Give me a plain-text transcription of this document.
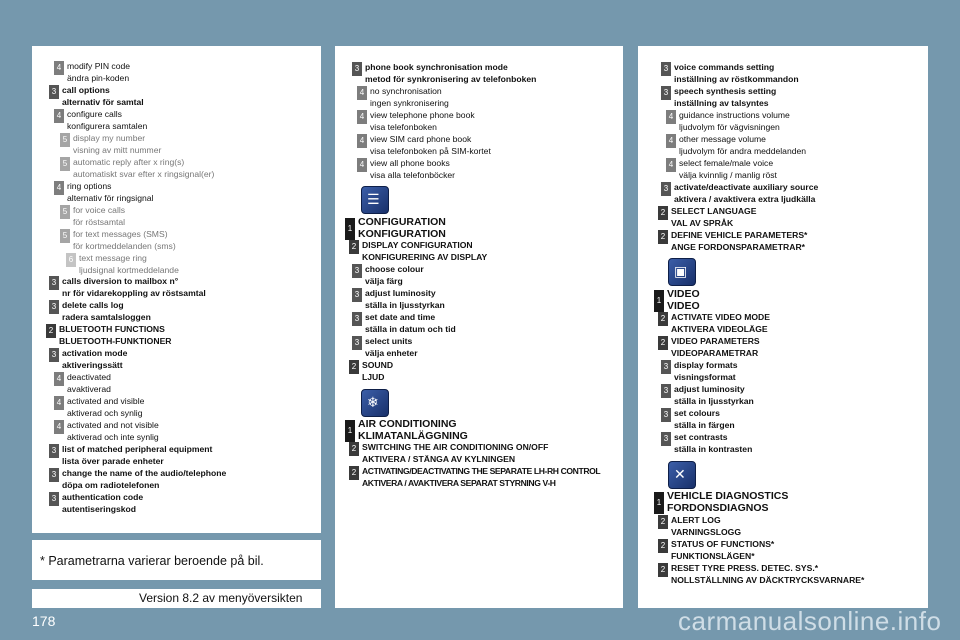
4 modify PIN code
ändra pin-koden
3 call options
alternativ för samtal
4 configure calls
konfigurera samtalen
5 display my number
visning av mitt nummer
5 automatic reply after x ring(s)
automatiskt svar efter x ringsignal(er)
4 ring options
alternativ för ringsignal
5 for voice calls
för röstsamtal
5 for text messages (SMS)
för kortmeddelanden (sms)
6 text message ring
ljudsignal kortmeddelande
3 calls diversion to mailbox n°
nr för vidarekoppling av röstsamtal
3 delete calls log
radera samtalsloggen
2 BLUETOOTH FUNCTIONS
BLUETOOTH-FUNKTIONER
3 activation mode
aktiveringssätt
4 deactivated
avaktiverad
4 activated and visible
aktiverad och synlig
4 activated and not visible
aktiverad och inte synlig
3 list of matched peripheral equipment
lista över parade enheter
3 change the name of the audio/telephone
döpa om radiotelefonen
3 authentication code
autentiseringskod
3 phone book synchronisation mode
metod för synkronisering av telefonboken
4 no synchronisation
ingen synkronisering
4 view telephone phone book
visa telefonboken
4 view SIM card phone book
visa telefonboken på SIM-kortet
4 view all phone books
visa alla telefonböcker
1
CONFIGURATION
KONFIGURATION
2 DISPLAY CONFIGURATION
KONFIGURERING AV DISPLAY
3 choose colour
välja färg
3 adjust luminosity
ställa in ljusstyrkan
3 set date and time
ställa in datum och tid
3 select units
välja enheter
2 SOUND
LJUD
1
AIR CONDITIONING
KLIMATANLÄGGNING
2 SWITCHING THE AIR CONDITIONING ON/OFF
AKTIVERA / STÄNGA AV KYLNINGEN
2 ACTIVATING/DEACTIVATING THE SEPARATE LH-RH CONTROL
AKTIVERA / AVAKTIVERA SEPARAT STYRNING V-H
3 voice commands setting
inställning av röstkommandon
3 speech synthesis setting
inställning av talsyntes
4 guidance instructions volume
ljudvolym för vägvisningen
4 other message volume
ljudvolym för andra meddelanden
4 select female/male voice
välja kvinnlig / manlig röst
3 activate/deactivate auxiliary source
aktivera / avaktivera extra ljudkälla
2 SELECT LANGUAGE
VAL AV SPRÅK
2 DEFINE VEHICLE PARAMETERS*
ANGE FORDONSPARAMETRAR*
1
VIDEO
VIDEO
2 ACTIVATE VIDEO MODE
AKTIVERA VIDEOLÄGE
2 VIDEO PARAMETERS
VIDEOPARAMETRAR
3 display formats
visningsformat
3 adjust luminosity
ställa in ljusstyrkan
3 set colours
ställa in färgen
3 set contrasts
ställa in kontrasten
1
VEHICLE DIAGNOSTICS
FORDONSDIAGNOS
2 ALERT LOG
VARNINGSLOGG
2 STATUS OF FUNCTIONS*
FUNKTIONSLÄGEN*
2 RESET TYRE PRESS. DETEC. SYS.*
NOLLSTÄLLNING AV DÄCKTRYCKSVARNARE*
☰
❄
▣
✕
* Parametrarna varierar beroende på bil.
Version 8.2 av menyöversikten
178	carmanualsonline.info
